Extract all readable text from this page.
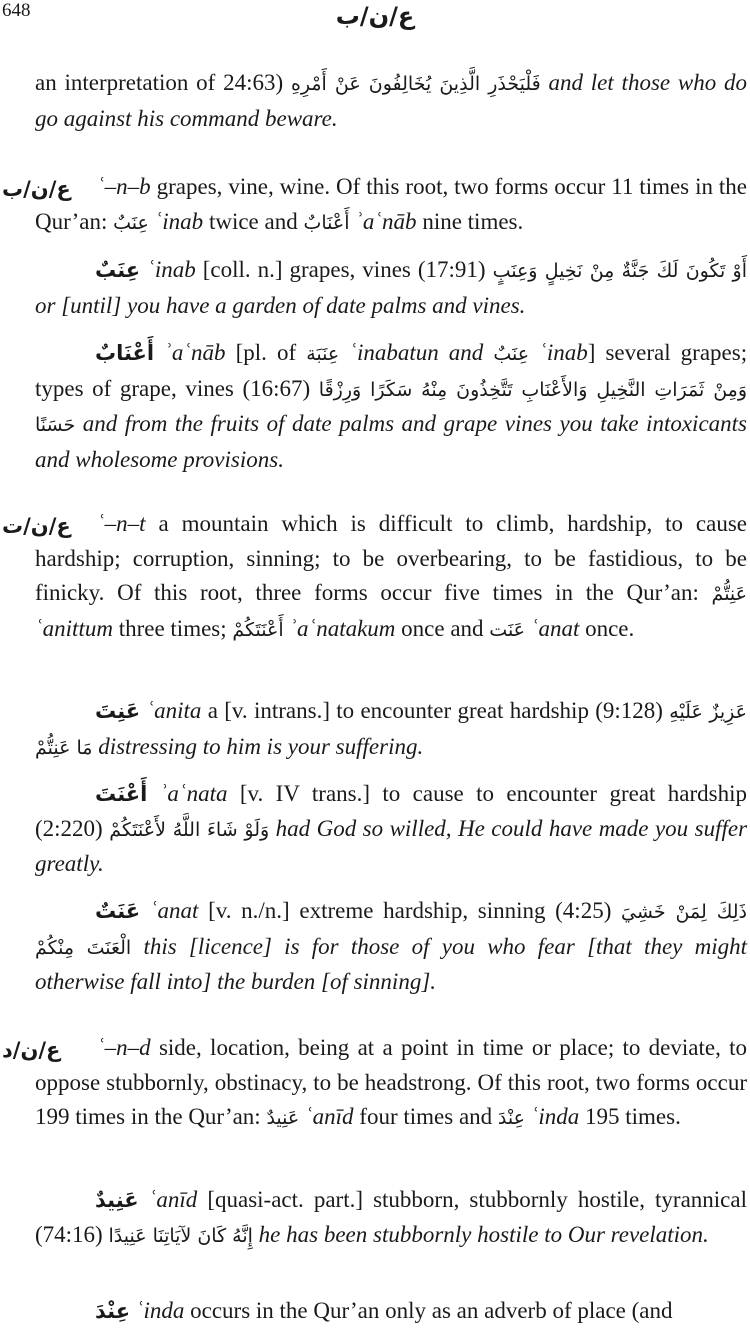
648	ع/ن/ب
an interpretation of 24:63) فَلْيَحْذَرِ الَّذِينَ يُخَالِفُونَ عَنْ أَمْرِهِ and let those who do go against his command beware.
ع/ن/ب	ʿ–n–b grapes, vine, wine. Of this root, two forms occur 11 times in the Qur’an: عِنَبٌ ʿinab twice and أَعْنَابٌ ʾaʿnāb nine times.
عِنَبٌ ʿinab [coll. n.] grapes, vines (17:91) أَوْ تَكُونَ لَكَ جَنَّةٌ مِنْ نَخِيلٍ وَعِنَبٍ or [until] you have a garden of date palms and vines.
أَعْنَابٌ ʾaʿnāb [pl. of عِنَبَة ʿinabatun and عِنَبٌ ʿinab] several grapes; types of grape, vines (16:67) وَمِنْ ثَمَرَاتِ النَّخِيلِ وَالأَعْنَابِ تَتَّخِذُونَ مِنْهُ سَكَرًا وَرِزْقًا حَسَنًا and from the fruits of date palms and grape vines you take intoxicants and wholesome provisions.
ع/ن/ت	ʿ–n–t a mountain which is difficult to climb, hardship, to cause hardship; corruption, sinning; to be overbearing, to be fastidious, to be finicky. Of this root, three forms occur five times in the Qur’an: عَنِتُّمْ ʿanittum three times; أَعْنَتَكُمْ ʾaʿnatakum once and عَنَت ʿanat once.
عَنِتَ ʿanita a [v. intrans.] to encounter great hardship (9:128) عَزِيزٌ عَلَيْهِ مَا عَنِتُّمْ distressing to him is your suffering.
أَعْنَتَ ʾaʿnata [v. IV trans.] to cause to encounter great hardship (2:220) وَلَوْ شَاءَ اللَّهُ لأَعْنَتَكُمْ had God so willed, He could have made you suffer greatly.
عَنَتٌ ʿanat [v. n./n.] extreme hardship, sinning (4:25) ذَلِكَ لِمَنْ خَشِيَ الْعَنَتَ مِنْكُمْ this [licence] is for those of you who fear [that they might otherwise fall into] the burden [of sinning].
ع/ن/د	ʿ–n–d side, location, being at a point in time or place; to deviate, to oppose stubbornly, obstinacy, to be headstrong. Of this root, two forms occur 199 times in the Qur’an: عَنِيدٌ ʿanīd four times and عِنْدَ ʿinda 195 times.
عَنِيدٌ ʿanīd [quasi-act. part.] stubborn, stubbornly hostile, tyrannical (74:16) إِنَّهُ كَانَ لآيَاتِنَا عَنِيدًا he has been stubbornly hostile to Our revelation.
عِنْدَ ʿinda occurs in the Qur’an only as an adverb of place (and
